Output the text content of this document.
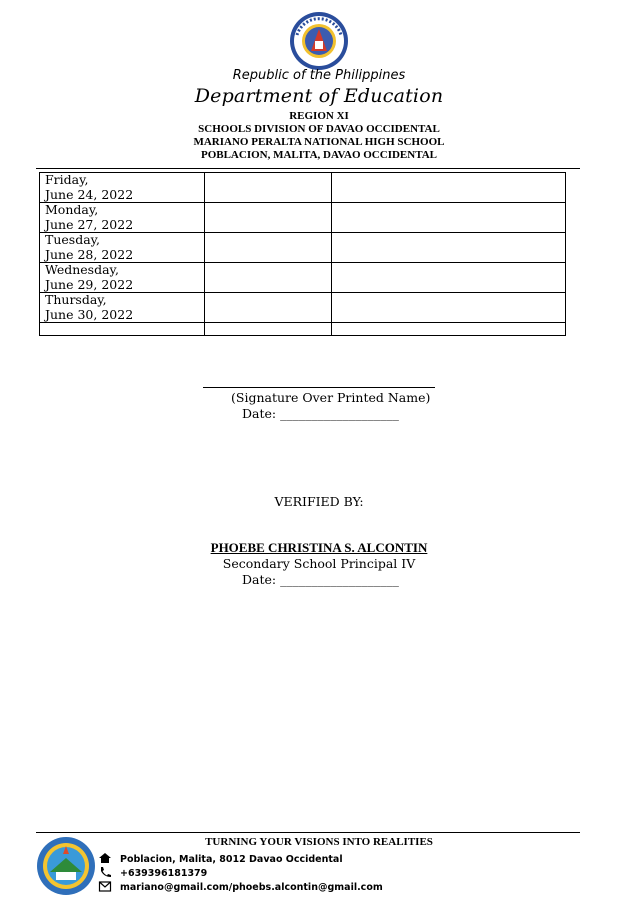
Republic of the Philippines
Department of Education
REGION XI
SCHOOLS DIVISION OF DAVAO OCCIDENTAL
MARIANO PERALTA NATIONAL HIGH SCHOOL
POBLACION, MALITA, DAVAO OCCIDENTAL
Friday,
June 24, 2022		
Monday,
June 27, 2022		
Tuesday,
June 28, 2022		
Wednesday,
June 29, 2022		
Thursday,
June 30, 2022		

(Signature Over Printed Name)
Date: ___________________
VERIFIED BY:
PHOEBE CHRISTINA S. ALCONTIN
Secondary School Principal IV
Date: ___________________
TURNING YOUR VISIONS INTO REALITIES
Poblacion, Malita, 8012 Davao Occidental
+639396181379
mariano@gmail.com/phoebs.alcontin@gmail.com
